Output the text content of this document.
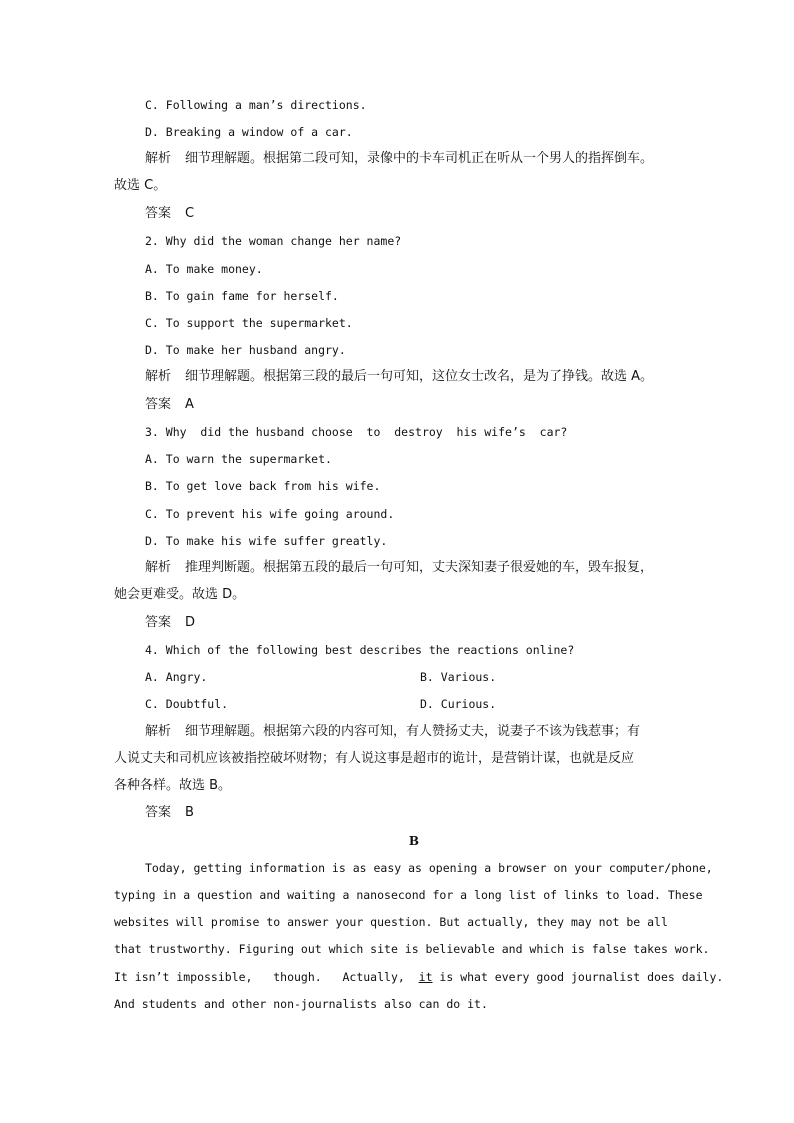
C. Following a man’s directions.

D. Breaking a window of a car.

解析 细节理解题。根据第二段可知，录像中的卡车司机正在听从一个男人的指挥倒车。

故选 C。

答案 C

2. Why did the woman change her name?

A. To make money.

B. To gain fame for herself.

C. To support the supermarket.

D. To make her husband angry.

解析 细节理解题。根据第三段的最后一句可知，这位女士改名，是为了挣钱。故选 A。

答案 A

3. Why  did the husband choose  to  destroy  his wife’s  car?

A. To warn the supermarket.

B. To get love back from his wife.

C. To prevent his wife going around.

D. To make his wife suffer greatly.

解析 推理判断题。根据第五段的最后一句可知，丈夫深知妻子很爱她的车，毁车报复，

她会更难受。故选 D。

答案 D

4. Which of the following best describes the reactions online?

A. Angry.	B. Various.

C. Doubtful.	D. Curious.

解析 细节理解题。根据第六段的内容可知，有人赞扬丈夫，说妻子不该为钱惹事；有

人说丈夫和司机应该被指控破坏财物；有人说这事是超市的诡计，是营销计谋，也就是反应

各种各样。故选 B。

答案 B

B

Today, getting information is as easy as opening a browser on your computer/phone,

typing in a question and waiting a nanosecond for a long list of links to load. These

websites will promise to answer your question. But actually, they may not be all

that trustworthy. Figuring out which site is believable and which is false takes work.

It isn’t impossible,   though.   Actually,  it is what every good journalist does daily.

And students and other non-journalists also can do it.
